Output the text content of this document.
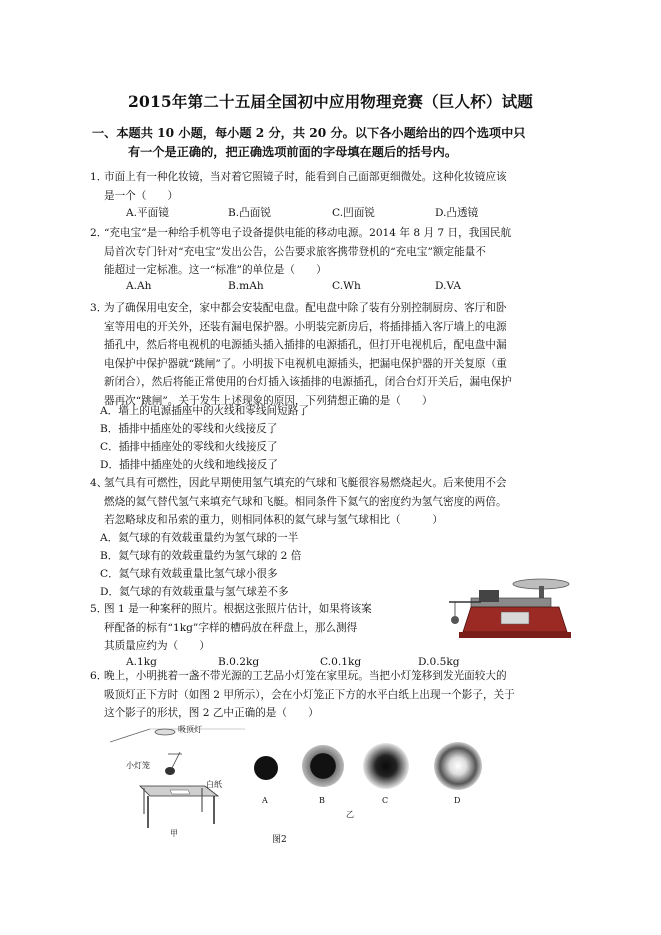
2015年第二十五届全国初中应用物理竞赛（巨人杯）试题
一、本题共 10 小题，每小题 2 分，共 20 分。以下各小题给出的四个选项中只
有一个是正确的，把正确选项前面的字母填在题后的括号内。
1．
市面上有一种化妆镜，当对着它照镜子时，能看到自己面部更细微处。这种化妆镜应该
是一个（　　）
A.平面镜	B.凸面锐	C.凹面锐	D.凸透镜
2．
“充电宝”是一种给手机等电子设备提供电能的移动电源。2014 年 8 月 7 日，我国民航
局首次专门针对“充电宝”发出公告，公告要求旅客携带登机的“充电宝”额定能量不
能超过一定标准。这一“标准”的单位是（　　）
A.Ah	B.mAh	C.Wh	D.VA
3．
为了确保用电安全，家中都会安装配电盘。配电盘中除了装有分别控制厨房、客厅和卧
室等用电的开关外，还装有漏电保护器。小明装完新房后，将插排插入客厅墙上的电源
插孔中，然后将电视机的电源插头插入插排的电源插孔，但打开电视机后，配电盘中漏
电保护中保护器就“跳闸”了。小明拔下电视机电源插头，把漏电保护器的开关复原（重
新闭合），然后将能正常使用的台灯插入该插排的电源插孔，闭合台灯开关后，漏电保护
器再次“跳闸”。关于发生上述现象的原因，下列猜想正确的是（　　）
A．墙上的电源插座中的火线和零线间短路了
B．插排中插座处的零线和火线接反了
C．插排中插座处的零线和火线接反了
D．插排中插座处的火线和地线接反了
4、
氢气具有可燃性，因此早期使用氢气填充的气球和飞艇很容易燃烧起火。后来使用不会
燃烧的氦气替代氢气来填充气球和飞艇。相同条件下氦气的密度约为氢气密度的两倍。
若忽略球皮和吊索的重力，则相同体积的氦气球与氢气球相比（　　　）
A．氦气球的有效载重量约为氢气球的一半
B．氦气球有的效载重量约为氢气球的 2 倍
C．氦气球有效载重量比氢气球小很多
D．氦气球的有效载重量与氢气球差不多
5．
图 1 是一种案秤的照片。根据这张照片估计，如果将该案
秤配备的标有“1kg”字样的槽码放在秤盘上，那么测得
其质量应约为（　　）
A.1kg	B.0.2kg	C.0.1kg	D.0.5kg
6．
晚上，小明挑着一盏不带光源的工艺品小灯笼在家里玩。当把小灯笼移到发光面较大的
吸顶灯正下方时（如图 2 甲所示），会在小灯笼正下方的水平白纸上出现一个影子，关于
这个影子的形状，图 2 乙中正确的是（　　）
吸顶灯
小灯笼
白纸
甲
A	B	C	D
乙
图2
